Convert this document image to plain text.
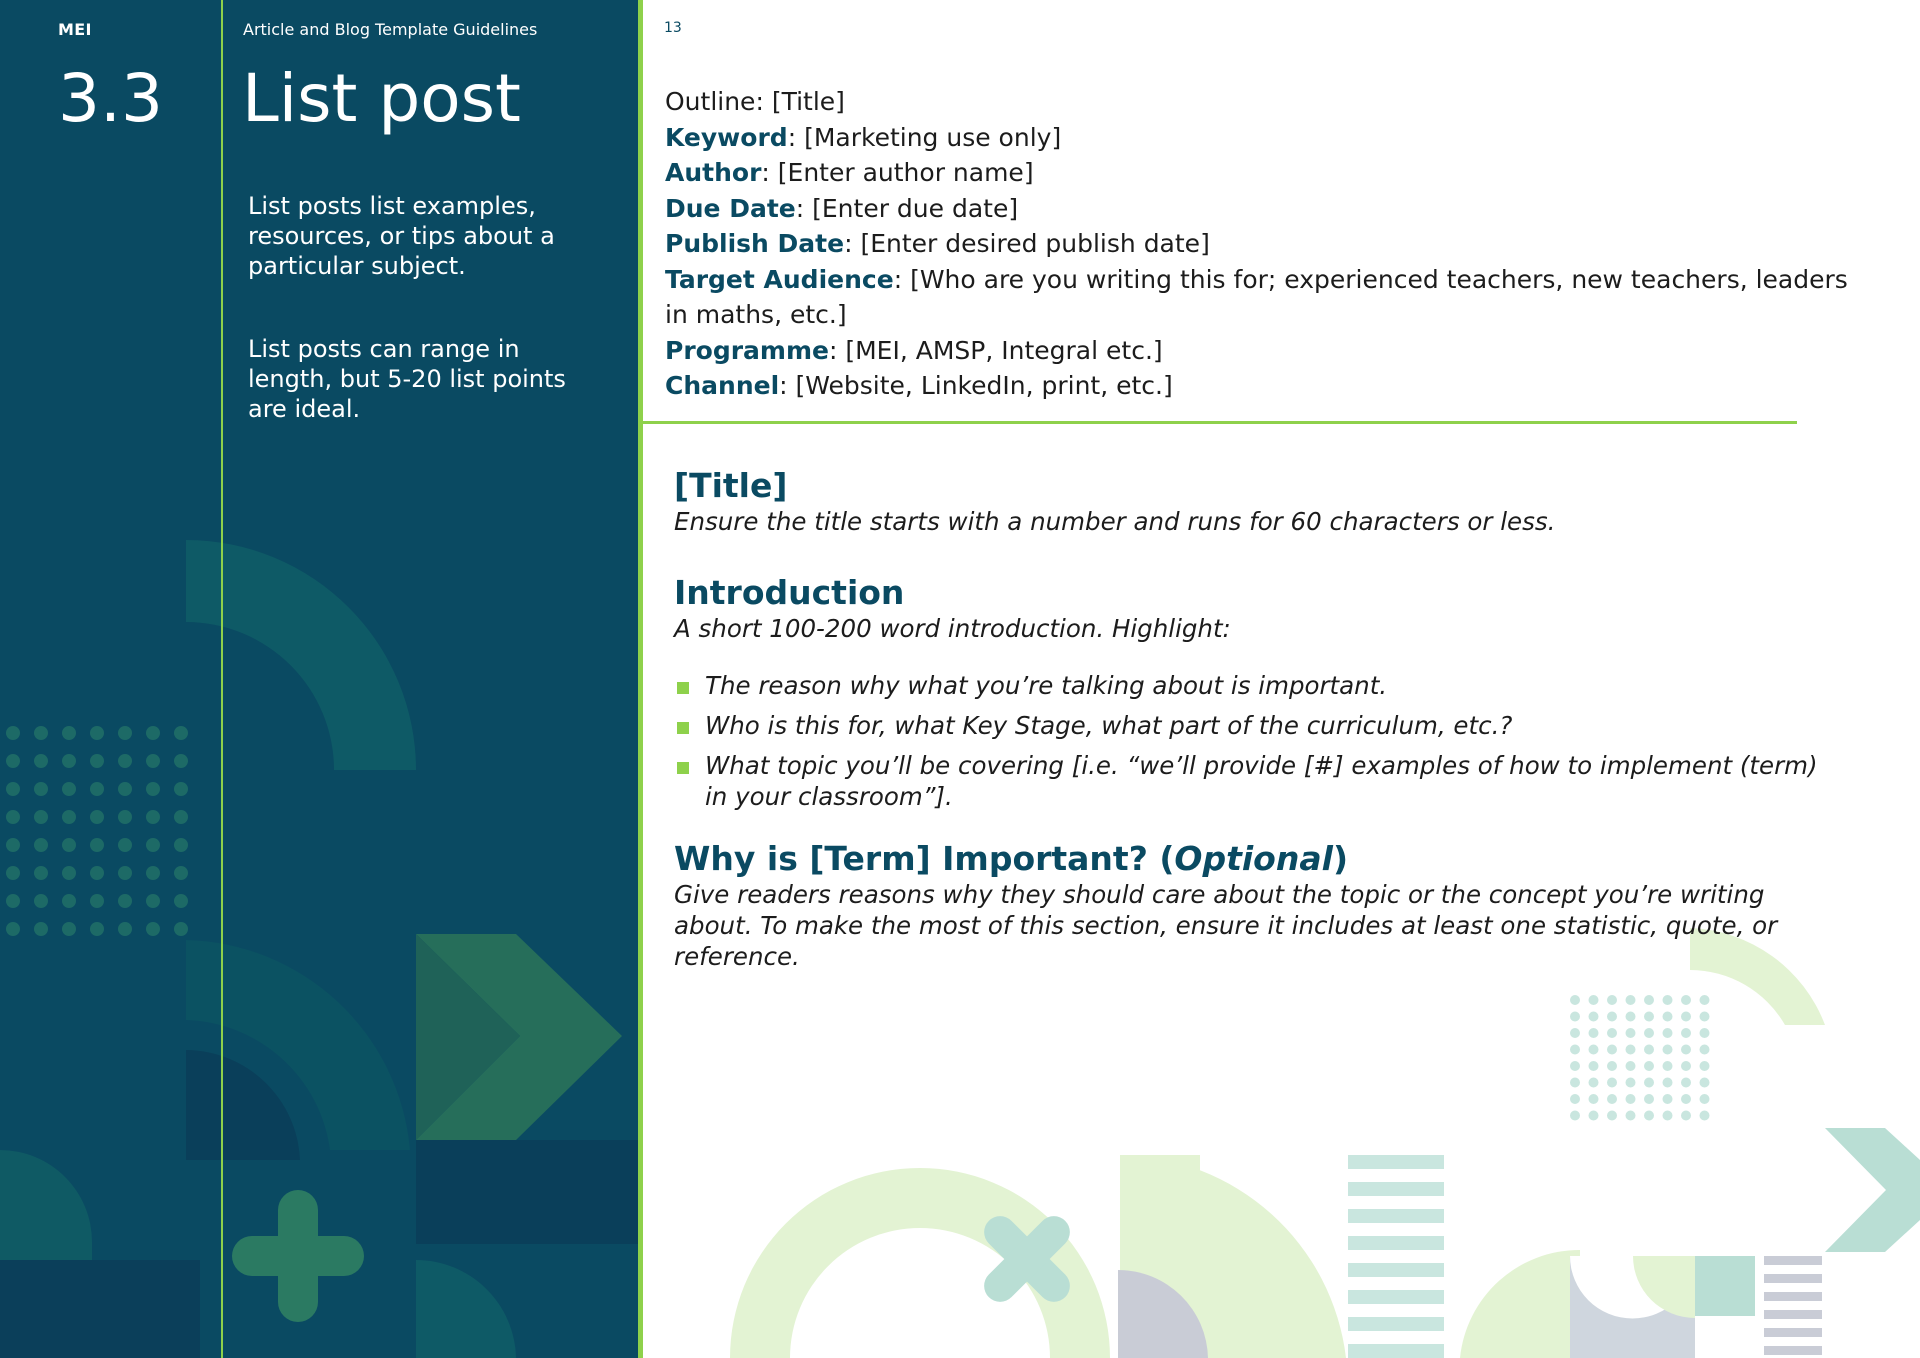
MEI	Article and Blog Template Guidelines
3.3 List post

List posts list examples, resources, or tips about a particular subject.

List posts can range in length, but 5-20 list points are ideal.

13
Outline: [Title]
Keyword: [Marketing use only]
Author: [Enter author name]
Due Date: [Enter due date]
Publish Date: [Enter desired publish date]
Target Audience: [Who are you writing this for; experienced teachers, new teachers, leaders in maths, etc.]
Programme: [MEI, AMSP, Integral etc.]
Channel: [Website, LinkedIn, print, etc.]
[Title]

Ensure the title starts with a number and runs for 60 characters or less.

Introduction

A short 100-200 word introduction. Highlight:

The reason why what you’re talking about is important.
Who is this for, what Key Stage, what part of the curriculum, etc.?
What topic you’ll be covering [i.e. “we’ll provide [#] examples of how to implement (term) in your classroom”].
Why is [Term] Important? (Optional)

Give readers reasons why they should care about the topic or the concept you’re writing about. To make the most of this section, ensure it includes at least one statistic, quote, or reference.
